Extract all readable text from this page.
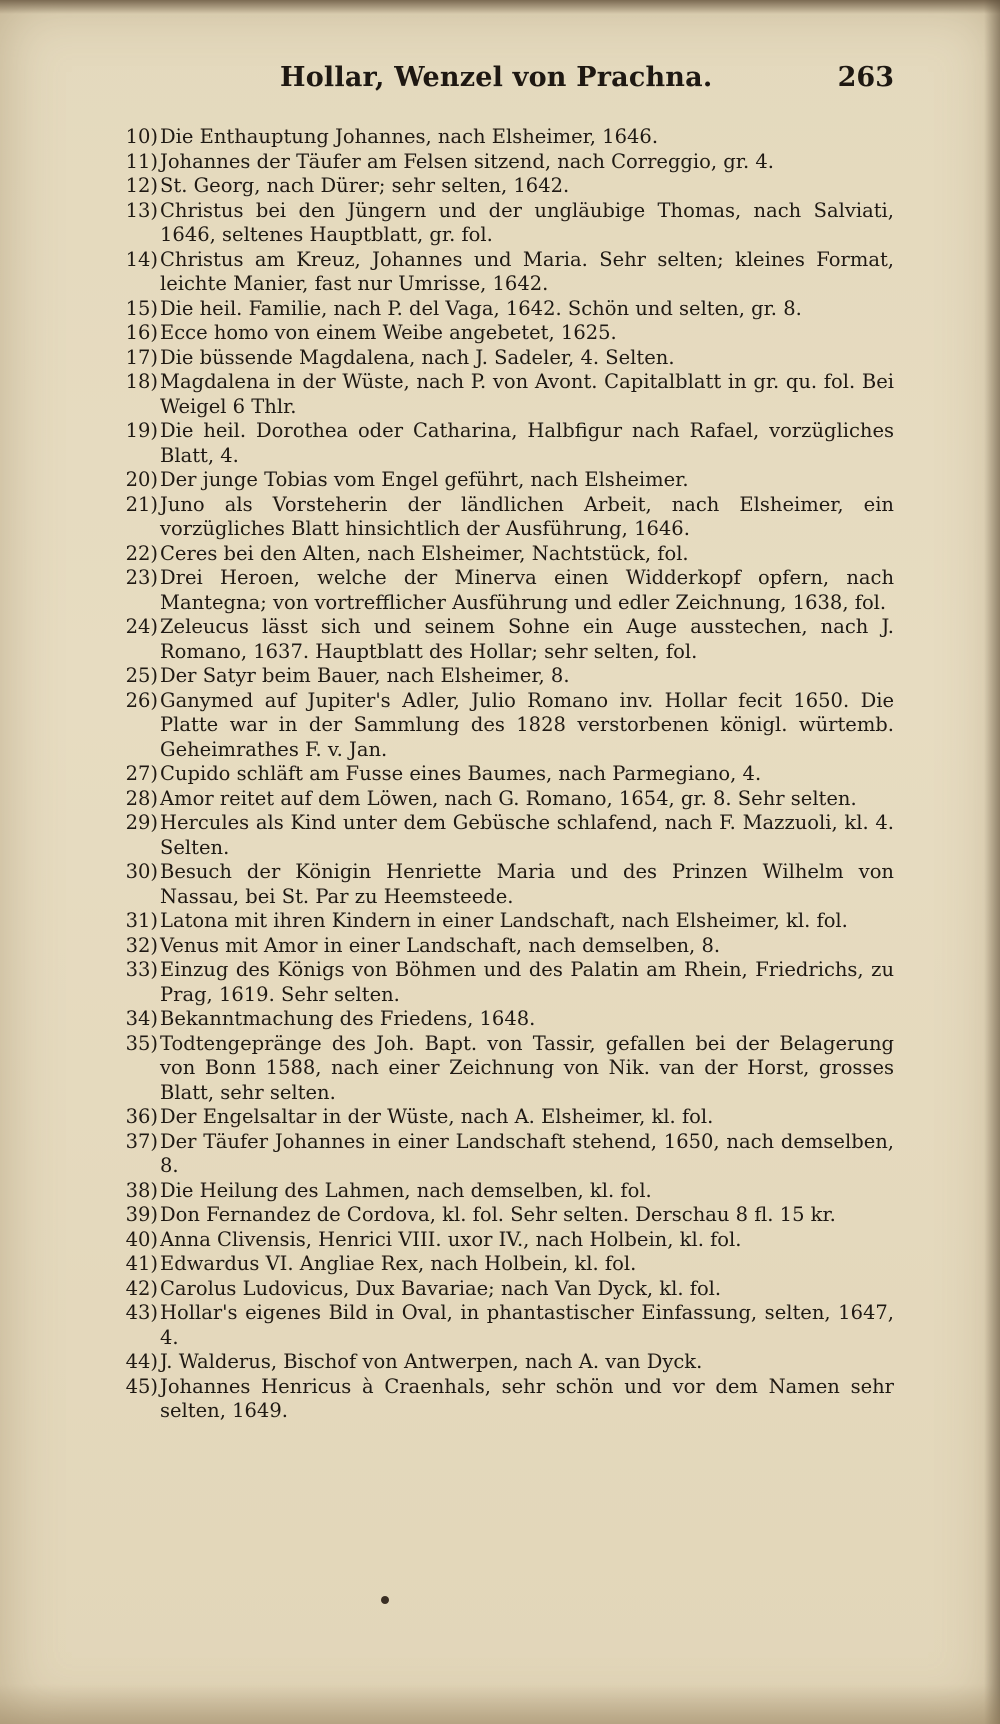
Hollar, Wenzel von Prachna.	263
10) Die Enthauptung Johannes, nach Elsheimer, 1646.
11) Johannes der Täufer am Felsen sitzend, nach Correggio, gr. 4.
12) St. Georg, nach Dürer; sehr selten, 1642.
13) Christus bei den Jüngern und der ungläubige Thomas, nach Salviati, 1646, seltenes Hauptblatt, gr. fol.
14) Christus am Kreuz, Johannes und Maria. Sehr selten; kleines Format, leichte Manier, fast nur Umrisse, 1642.
15) Die heil. Familie, nach P. del Vaga, 1642. Schön und selten, gr. 8.
16) Ecce homo von einem Weibe angebetet, 1625.
17) Die büssende Magdalena, nach J. Sadeler, 4. Selten.
18) Magdalena in der Wüste, nach P. von Avont. Capitalblatt in gr. qu. fol. Bei Weigel 6 Thlr.
19) Die heil. Dorothea oder Catharina, Halbfigur nach Rafael, vorzügliches Blatt, 4.
20) Der junge Tobias vom Engel geführt, nach Elsheimer.
21) Juno als Vorsteherin der ländlichen Arbeit, nach Elsheimer, ein vorzügliches Blatt hinsichtlich der Ausführung, 1646.
22) Ceres bei den Alten, nach Elsheimer, Nachtstück, fol.
23) Drei Heroen, welche der Minerva einen Widderkopf opfern, nach Mantegna; von vortrefflicher Ausführung und edler Zeichnung, 1638, fol.
24) Zeleucus lässt sich und seinem Sohne ein Auge ausstechen, nach J. Romano, 1637. Hauptblatt des Hollar; sehr selten, fol.
25) Der Satyr beim Bauer, nach Elsheimer, 8.
26) Ganymed auf Jupiter's Adler, Julio Romano inv. Hollar fecit 1650. Die Platte war in der Sammlung des 1828 verstorbenen königl. würtemb. Geheimrathes F. v. Jan.
27) Cupido schläft am Fusse eines Baumes, nach Parmegiano, 4.
28) Amor reitet auf dem Löwen, nach G. Romano, 1654, gr. 8. Sehr selten.
29) Hercules als Kind unter dem Gebüsche schlafend, nach F. Mazzuoli, kl. 4. Selten.
30) Besuch der Königin Henriette Maria und des Prinzen Wilhelm von Nassau, bei St. Par zu Heemsteede.
31) Latona mit ihren Kindern in einer Landschaft, nach Elsheimer, kl. fol.
32) Venus mit Amor in einer Landschaft, nach demselben, 8.
33) Einzug des Königs von Böhmen und des Palatin am Rhein, Friedrichs, zu Prag, 1619. Sehr selten.
34) Bekanntmachung des Friedens, 1648.
35) Todtengepränge des Joh. Bapt. von Tassir, gefallen bei der Belagerung von Bonn 1588, nach einer Zeichnung von Nik. van der Horst, grosses Blatt, sehr selten.
36) Der Engelsaltar in der Wüste, nach A. Elsheimer, kl. fol.
37) Der Täufer Johannes in einer Landschaft stehend, 1650, nach demselben, 8.
38) Die Heilung des Lahmen, nach demselben, kl. fol.
39) Don Fernandez de Cordova, kl. fol. Sehr selten. Derschau 8 fl. 15 kr.
40) Anna Clivensis, Henrici VIII. uxor IV., nach Holbein, kl. fol.
41) Edwardus VI. Angliae Rex, nach Holbein, kl. fol.
42) Carolus Ludovicus, Dux Bavariae; nach Van Dyck, kl. fol.
43) Hollar's eigenes Bild in Oval, in phantastischer Einfassung, selten, 1647, 4.
44) J. Walderus, Bischof von Antwerpen, nach A. van Dyck.
45) Johannes Henricus à Craenhals, sehr schön und vor dem Namen sehr selten, 1649.
